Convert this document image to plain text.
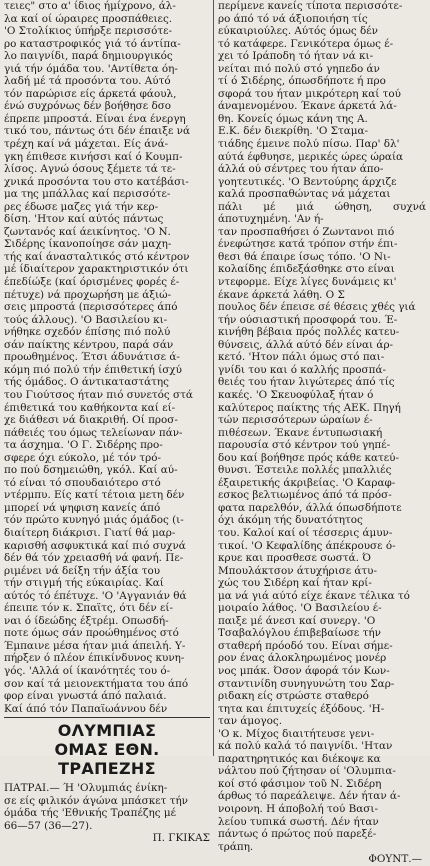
τειες" στο α' ίδιος ήμίχρονο, άλ-
λα καί οί ώραιρες προσπάθειες.
'Ο Στολίκιος ύπήρξε περισσότε-
ρο καταστροφικός γιά τό άντίπα-
λο παιγνίδι, παρά δημιουργικός
γιά τήν όμάδα του. 'Αντίθετα όη-
λαδή μέ τά προσόντα του. Αύτό
τόν παρώρισε είς άρκετά φάουλ,
ένώ συχρόνως δέν βοήθησε δσο
έπρεπε μπροστά. Είναι ένα ένεργη
τικό του, πάντως ότι δέν έπαιξε νά
τρέχη καί νά μάχεται. Είς άνά-
γκη έπιθεσε κινήσσι καί ό Κουμπ-
λίσος. Αγνώ όσους ξέμετε τά τε-
χνικά προσόντα του στο κατέβάσι-
μα της μπάλλας καί περισσότε-
ρες έδωσε μαζες γιά τήν κερ-
δίση. 'Ητον καί αύτός πάντως
ζωντανός καί άεικίνητος. 'Ο Ν.
Σιδέρης ίκανοποίησε σάν μαχη-
τής καί άνασταλτικός στό κέντρον
μέ ίδιαίτερον χαρακτηριστικόν ότι
έπεδίώξε (καί όρισμένες φορές έ-
πέτυχε) νά προχωρήση με άξιώ-
σεις μπροστά (περισσότερες άπό
τούς άλλους). 'Ο Βασιλείου κι-
νήθηκε σχεδόν έπίσης πιό πολύ
σάν παίκτης κέντρου, παρά σάν
προωθημένος. Έτσι άδυνάτισε ά-
κόμη πιό πολύ τήν έπιθετική ίσχύ
τής όμάδος. Ο άντικαταστάτης
του Γιούτσος ήταν πιό συνετός στά
έπιθετικά του καθήκοντα καί εί-
χε διάθεσι νά διακριθή. Οί προσ-
πάθειές του όμως τελείωναν πάν-
τα άσχημα. 'Ο Γ. Σιδέρης προ-
σφερε όχι εύκολο, μέ τόν τρό-
πο πού δσημειώθη, γκόλ. Καί αύ-
τό είναι τό σπουδαιότερο στό
ντέρμπυ. Είς κατί τέτοια μετη δέν
μπορεί νά ψηφιση κανείς άπό
τόν πρώτο κυνηγό μιάς όμάδος (ι-
διαίτερη διάκρισι. Γιατί θά μαρ-
καρισθή ασφυκτικά καί πιό συχνά
δέν θά τόν χρειασθή νά φανή. Πε-
ριμένει νά δείξη τήν άξία του
τήν στιγμή τής εύκαιρίας. Καί
αύτός τό έπέτυχε. 'Ο 'Αγγανιάν θά
έπειπε τόν κ. Σπαϊτς, ότι δέν εί-
ναι ό ίδεώδης έξτρέμ. Οπωσδή-
ποτε όμως σάν προώθημένος στό
Έμπαινε μέσα ήταν μιά άπειλή. Υ-
πήρξεν ό πλέον έπικίνδυνος κυνη-
γός. 'Αλλά οί ίκανότητές του ό-
σον καί τά μειονεκτήματα του άπό
φορ είναι γνωστά άπό παλαιά.
Καί άπό τόν Παπαϊωάννου δέν

ΟΛΥΜΠΙΑΣ
ΟΜΑΣ ΕΘΝ. ΤΡΑΠΕΖΗΣ

ΠΑΤΡΑΙ.— Ή 'Ολυμπιάς ένίκη-
σε είς φιλικόν άγώνα μπάσκετ τήν
όμάδα τής 'Εθνικής Τραπέζης μέ
66—57 (36—27).

Π. ΓΚΙΚΑΣ

περίμενε κανείς τίποτα περισσότε-
ρο άπό τό νά άξιοποιήση τίς
εύκαιριούλες. Αύτός όμως δέν
τό κατάφερε. Γενικότερα όμως έ-
χει τό Ιράποδη τό ήταν νά κι-
νείται πιό πολύ στό γηπεδο άν
τί ό Σιδέρης, όπωσδήποτε ή προ
σφορά του ήταν μικρότερη καί τού
άναμενομένου. Έκανε άρκετά λά-
θη. Κονείς όμως κάνη της Α.
Ε.Κ. δέν διεκρίθη. 'Ο Σταμα-
τιάδης έμεινε πολύ πίσω. Παρ' δλ'
αύτά έφθυησε, μερικές ώρες ώραία
άλλά ού σέντρες του ήταν άπο-
γοητευτικές. 'Ο Βεντούρης άρχιζε
καλά προσπαθώντας νά μάχεται
πάλι μέ μιά ώθηση, συχνά άποτυχημένη. 'Αν ή-
ταν προσπαθήσει ό Ζωντανοι πιό
ένεφώτησε κατά τρόπον στήν έπι-
θεσι θά έπαιρε ίσως τόπο. 'Ο Νι-
κολαίδης έπιδεξάσθηκε στο είναι
ντεφορμε. Είχε λίγες δυνάμεις κι'
έκανε άρκετά λάθη. Ο Σ
πουλος δέν έπεισε σέ θέσεις χθές γιά
τήν ούσιαστική προσφορά του. Έ-
κινήθη βέβαια πρός πολλές κατευ-
θύνσεις, άλλά αύτό δέν είναι άρ-
κετό. 'Ητον πάλι όμως στό παι-
γνίδι του και ό καλλής προσπά-
θειές του ήταν λιγώτερες άπό τίς
κακές. 'Ο Σκευοφύλαξ ήταν ό
καλύτερος παίκτης τής ΑΕΚ. Πηγή
τών περισσότερων ώραίων έ-
πιθέσεων. Έκανε έντυπωσιακή
παρουσία στό κέντρον τού γηπέ-
δου καί βοήθησε πρός κάθε κατεύ-
θυνσι. Έστειλε πολλές μπαλλιές
έξαιρετικής άκριβείας. 'Ο Καραφ-
εσκος βελτιωμένος άπό τά πρόσ-
φατα παρελθόν, άλλά όπωσδήποτε
όχι άκόμη τής δυνατότητος
του. Καλοί καί οί τέσσερις άμυν-
τικοί. 'Ο Κεφαλίδης άπέκρουσε ό-
κρυε και προσθεσε σωστά. Ό
Μπουλάκτσον άτυχήρισε άτυ-
χώς του Σιδέρη καί ήταν κρί-
μα νά γιά αύτό είχε έκανε τέλικα τό
μοιραίο λάθος. 'Ο Βασιλείου έ-
παιξε μέ άνεσι καί συνεργ. 'Ο
Τσαβαλόγλου έπιβεβαίωσε τήν
σταθερή πρόοδό του. Είναι σήμε-
ρον ένας άλοκληρωμένος μονέρ
νος μπάκ. Όσον άφορά τόν Κων-
σταντινίδη συνηγυνώτη του Σαρ-
ριδακη είς στρώστε σταθερό
τητα και έπιτυχείς έξόδους. 'Η-
ταν άμογος.
'Ο κ. Μίχος διαιτήτευσε γενι-
κά πολύ καλά τό παιγνίδι. 'Ηταν
παρατηρητικός και διέκοψε κα
νάλτου πού ζήτησαν οί 'Ολυμπια-
κοί στό φάσιμον τοῦ Ν. Σιδέρη
άρθως τό παρεάλειψε. Δέν ήταν ά-
νοιρονη. Η άποβολή τού Βασι-
λείου τυπικά σωστή. Δέν ήταν
πάντως ό πρώτος πού παρεξέ-
τράπη.

ΦΟΥΝΤ.—
